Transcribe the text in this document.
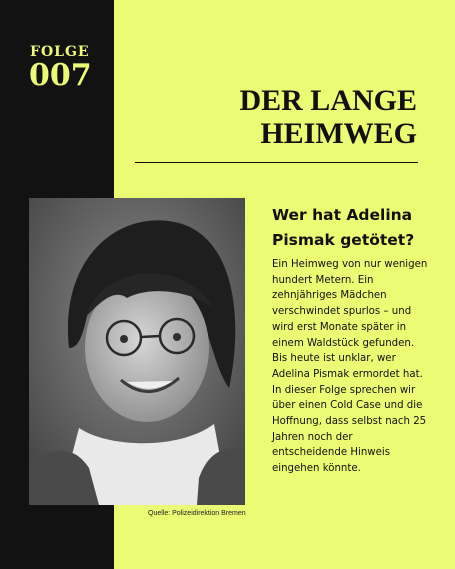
FOLGE
007
DER LANGE
HEIMWEG
Quelle: Polizeidirektion Bremen
Wer hat Adelina
Pismak getötet?
Ein Heimweg von nur wenigen
hundert Metern. Ein
zehnjähriges Mädchen
verschwindet spurlos – und
wird erst Monate später in
einem Waldstück gefunden.
Bis heute ist unklar, wer
Adelina Pismak ermordet hat.
In dieser Folge sprechen wir
über einen Cold Case und die
Hoffnung, dass selbst nach 25
Jahren noch der
entscheidende Hinweis
eingehen könnte.
